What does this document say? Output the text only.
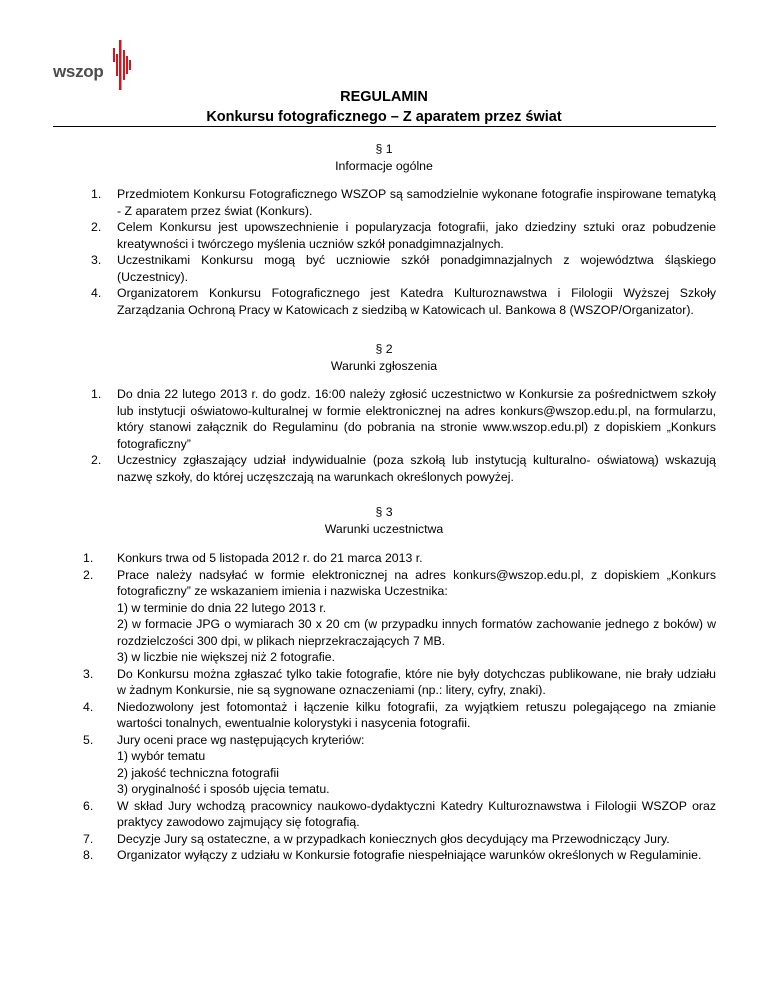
wszop
REGULAMIN
Konkursu fotograficznego – Z aparatem przez świat
§ 1
Informacje ogólne
1. Przedmiotem Konkursu Fotograficznego WSZOP są samodzielnie wykonane fotografie inspirowane tematyką - Z aparatem przez świat (Konkurs).
2. Celem Konkursu jest upowszechnienie i popularyzacja fotografii, jako dziedziny sztuki oraz pobudzenie kreatywności i twórczego myślenia uczniów szkół ponadgimnazjalnych.
3. Uczestnikami Konkursu mogą być uczniowie szkół ponadgimnazjalnych z województwa śląskiego (Uczestnicy).
4. Organizatorem Konkursu Fotograficznego jest Katedra Kulturoznawstwa i Filologii Wyższej Szkoły Zarządzania Ochroną Pracy w Katowicach z siedzibą w Katowicach ul. Bankowa 8 (WSZOP/Organizator).
§ 2
Warunki zgłoszenia
1. Do dnia 22 lutego 2013 r. do godz. 16:00 należy zgłosić uczestnictwo w Konkursie za pośrednictwem szkoły lub instytucji oświatowo-kulturalnej w formie elektronicznej na adres konkurs@wszop.edu.pl, na formularzu, który stanowi załącznik do Regulaminu (do pobrania na stronie www.wszop.edu.pl) z dopiskiem „Konkurs fotograficzny”
2. Uczestnicy zgłaszający udział indywidualnie (poza szkołą lub instytucją kulturalno- oświatową) wskazują nazwę szkoły, do której uczęszczają na warunkach określonych powyżej.
§ 3
Warunki uczestnictwa
1. Konkurs trwa od 5 listopada 2012 r. do 21 marca 2013 r.
2. Prace należy nadsyłać w formie elektronicznej na adres konkurs@wszop.edu.pl, z dopiskiem „Konkurs fotograficzny” ze wskazaniem imienia i nazwiska Uczestnika:
1) w terminie do dnia 22 lutego 2013 r.
2) w formacie JPG o wymiarach 30 x 20 cm (w przypadku innych formatów zachowanie jednego z boków) w rozdzielczości 300 dpi, w plikach nieprzekraczających 7 MB.
3) w liczbie nie większej niż 2 fotografie.
3. Do Konkursu można zgłaszać tylko takie fotografie, które nie były dotychczas publikowane, nie brały udziału w żadnym Konkursie, nie są sygnowane oznaczeniami (np.: litery, cyfry, znaki).
4. Niedozwolony jest fotomontaż i łączenie kilku fotografii, za wyjątkiem retuszu polegającego na zmianie wartości tonalnych, ewentualnie kolorystyki i nasycenia fotografii.
5. Jury oceni prace wg następujących kryteriów:
1) wybór tematu
2) jakość techniczna fotografii
3) oryginalność i sposób ujęcia tematu.
6. W skład Jury wchodzą pracownicy naukowo-dydaktyczni Katedry Kulturoznawstwa i Filologii WSZOP oraz praktycy zawodowo zajmujący się fotografią.
7. Decyzje Jury są ostateczne, a w przypadkach koniecznych głos decydujący ma Przewodniczący Jury.
8. Organizator wyłączy z udziału w Konkursie fotografie niespełniające warunków określonych w Regulaminie.
